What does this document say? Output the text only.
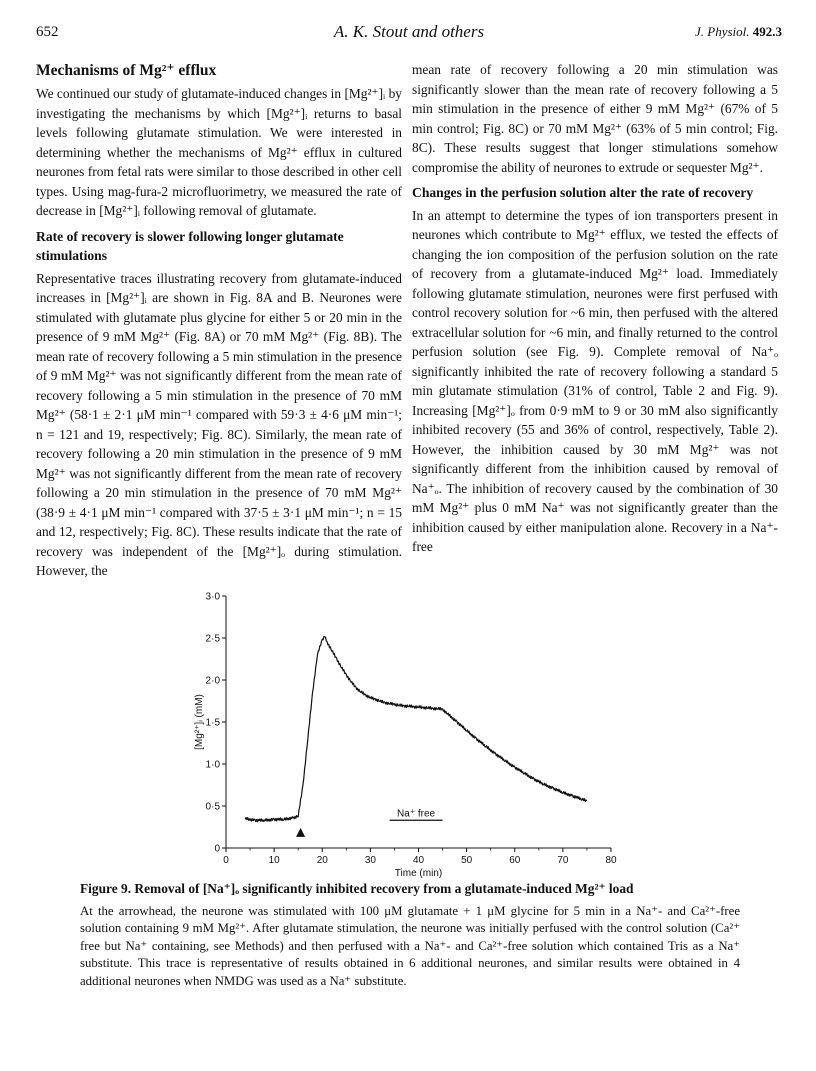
652	A. K. Stout and others	J. Physiol. 492.3
Mechanisms of Mg²⁺ efflux

We continued our study of glutamate-induced changes in [Mg²⁺]ᵢ by investigating the mechanisms by which [Mg²⁺]ᵢ returns to basal levels following glutamate stimulation. We were interested in determining whether the mechanisms of Mg²⁺ efflux in cultured neurones from fetal rats were similar to those described in other cell types. Using mag-fura-2 microfluorimetry, we measured the rate of decrease in [Mg²⁺]ᵢ following removal of glutamate.

Rate of recovery is slower following longer glutamate stimulations

Representative traces illustrating recovery from glutamate-induced increases in [Mg²⁺]ᵢ are shown in Fig. 8A and B. Neurones were stimulated with glutamate plus glycine for either 5 or 20 min in the presence of 9 mM Mg²⁺ (Fig. 8A) or 70 mM Mg²⁺ (Fig. 8B). The mean rate of recovery following a 5 min stimulation in the presence of 9 mM Mg²⁺ was not significantly different from the mean rate of recovery following a 5 min stimulation in the presence of 70 mM Mg²⁺ (58·1 ± 2·1 μM min⁻¹ compared with 59·3 ± 4·6 μM min⁻¹; n = 121 and 19, respectively; Fig. 8C). Similarly, the mean rate of recovery following a 20 min stimulation in the presence of 9 mM Mg²⁺ was not significantly different from the mean rate of recovery following a 20 min stimulation in the presence of 70 mM Mg²⁺ (38·9 ± 4·1 μM min⁻¹ compared with 37·5 ± 3·1 μM min⁻¹; n = 15 and 12, respectively; Fig. 8C). These results indicate that the rate of recovery was independent of the [Mg²⁺]ₒ during stimulation. However, the

mean rate of recovery following a 20 min stimulation was significantly slower than the mean rate of recovery following a 5 min stimulation in the presence of either 9 mM Mg²⁺ (67% of 5 min control; Fig. 8C) or 70 mM Mg²⁺ (63% of 5 min control; Fig. 8C). These results suggest that longer stimulations somehow compromise the ability of neurones to extrude or sequester Mg²⁺.

Changes in the perfusion solution alter the rate of recovery

In an attempt to determine the types of ion transporters present in neurones which contribute to Mg²⁺ efflux, we tested the effects of changing the ion composition of the perfusion solution on the rate of recovery from a glutamate-induced Mg²⁺ load. Immediately following glutamate stimulation, neurones were first perfused with control recovery solution for ~6 min, then perfused with the altered extracellular solution for ~6 min, and finally returned to the control perfusion solution (see Fig. 9). Complete removal of Na⁺ₒ significantly inhibited the rate of recovery following a standard 5 min glutamate stimulation (31% of control, Table 2 and Fig. 9). Increasing [Mg²⁺]ₒ from 0·9 mM to 9 or 30 mM also significantly inhibited recovery (55 and 36% of control, respectively, Table 2). However, the inhibition caused by 30 mM Mg²⁺ was not significantly different from the inhibition caused by removal of Na⁺ₒ. The inhibition of recovery caused by the combination of 30 mM Mg²⁺ plus 0 mM Na⁺ was not significantly greater than the inhibition caused by either manipulation alone. Recovery in a Na⁺-free

0	10	20	30	40	50	60	70	80
0
0·5
1·0
1·5
2·0
2·5
3·0
Na⁺ free
Time (min)
[Mg²⁺]ᵢ (mM)
Figure 9. Removal of [Na⁺]ₒ significantly inhibited recovery from a glutamate-induced Mg²⁺ load
At the arrowhead, the neurone was stimulated with 100 μM glutamate + 1 μM glycine for 5 min in a Na⁺- and Ca²⁺-free solution containing 9 mM Mg²⁺. After glutamate stimulation, the neurone was initially perfused with the control solution (Ca²⁺ free but Na⁺ containing, see Methods) and then perfused with a Na⁺- and Ca²⁺-free solution which contained Tris as a Na⁺ substitute. This trace is representative of results obtained in 6 additional neurones, and similar results were obtained in 4 additional neurones when NMDG was used as a Na⁺ substitute.
